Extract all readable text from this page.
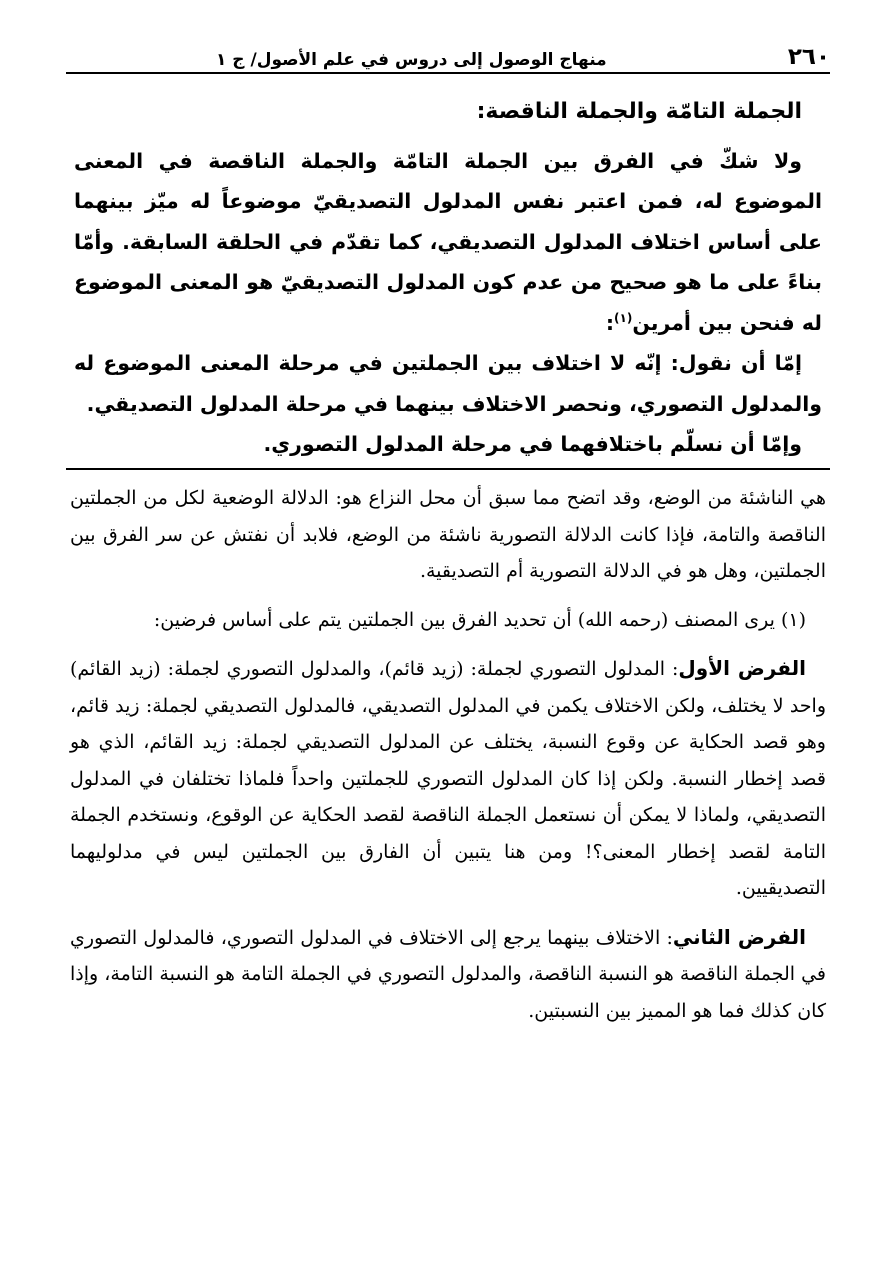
٢٦٠
منهاج الوصول إلى دروس في علم الأصول/ ج ١

الجملة التامّة والجملة الناقصة:

ولا شكّ في الفرق بين الجملة التامّة والجملة الناقصة في المعنى الموضوع له، فمن اعتبر نفس المدلول التصديقيّ موضوعاً له ميّز بينهما على أساس اختلاف المدلول التصديقي، كما تقدّم في الحلقة السابقة. وأمّا بناءً على ما هو صحيح من عدم كون المدلول التصديقيّ هو المعنى الموضوع له فنحن بين أمرين$^{(١)}$:

إمّا أن نقول: إنّه لا اختلاف بين الجملتين في مرحلة المعنى الموضوع له والمدلول التصوري، ونحصر الاختلاف بينهما في مرحلة المدلول التصديقي.

وإمّا أن نسلّم باختلافهما في مرحلة المدلول التصوري.

هي الناشئة من الوضع، وقد اتضح مما سبق أن محل النزاع هو: الدلالة الوضعية لكل من الجملتين الناقصة والتامة، فإذا كانت الدلالة التصورية ناشئة من الوضع، فلابد أن نفتش عن سر الفرق بين الجملتين، وهل هو في الدلالة التصورية أم التصديقية.

(١) يرى المصنف (رحمه الله) أن تحديد الفرق بين الجملتين يتم على أساس فرضين:

الفرض الأول: المدلول التصوري لجملة: (زيد قائم)، والمدلول التصوري لجملة: (زيد القائم) واحد لا يختلف، ولكن الاختلاف يكمن في المدلول التصديقي، فالمدلول التصديقي لجملة: زيد قائم، وهو قصد الحكاية عن وقوع النسبة، يختلف عن المدلول التصديقي لجملة: زيد القائم، الذي هو قصد إخطار النسبة. ولكن إذا كان المدلول التصوري للجملتين واحداً فلماذا تختلفان في المدلول التصديقي، ولماذا لا يمكن أن نستعمل الجملة الناقصة لقصد الحكاية عن الوقوع، ونستخدم الجملة التامة لقصد إخطار المعنى؟! ومن هنا يتبين أن الفارق بين الجملتين ليس في مدلوليهما التصديقيين.

الفرض الثاني: الاختلاف بينهما يرجع إلى الاختلاف في المدلول التصوري، فالمدلول التصوري في الجملة الناقصة هو النسبة الناقصة، والمدلول التصوري في الجملة التامة هو النسبة التامة، وإذا كان كذلك فما هو المميز بين النسبتين.
